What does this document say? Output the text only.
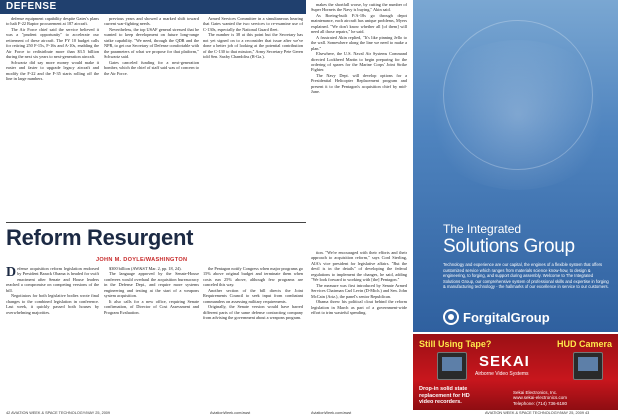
DEFENSE

defense equipment capability despite Gates's plans to halt F-22 Raptor procurement at 187 aircraft.

The Air Force chief said the service believed it was a "prudent opportunity" to accelerate our retirement of these aircraft. The FY 10 budget calls for retiring 250 F-15s, F-16s and A-10s, enabling the Air Force to redistribute more than $3.5 billion during the next six years to next-generation aircraft.

Schwartz did say more money would make it easier and faster to upgrade legacy aircraft and modify the F-22 and the F-35 starts rolling off the line in large numbers.

previous years and showed a marked shift toward current war-fighting needs.

Nevertheless, the top USAF general stressed that he wanted to keep development on future long-range strike capability. "We need, through the QDR and the NPR, to get our Secretary of Defense comfortable with the parameters of what we propose for that platform," Schwartz said.

Gates canceled funding for a next-generation bomber, which the chief of staff said was of concern to the Air Force.

Armed Services Committee in a simultaneous hearing that Gates wanted the two services to re-examine use of C-130s, especially the National Guard fleet.

The number is 38 at this point but the Secretary has not yet signed on to a reconsider that issue after we've done a better job of looking at the potential contribution of the C-130 to that mission," Army Secretary Pete Geren told Sen. Saxby Chambliss (R-Ga.).

makes the shortfall worse, by cutting the number of Super Hornets the Navy is buying," Akin said.

As Boeing-built F/A-18s go through depot maintenance, each aircraft has unique problems, Myers explained. "We don't know whether all [of them] will need all those repairs," he said.

A frustrated Akin replied, "It's like pinning Jello to the wall. Somewhere along the line we need to make a plan."

Elsewhere, the U.S. Naval Air Systems Command directed Lockheed Martin to begin preparing for the ordering of spares for the Marine Corps' Joint Strike Fighter.

The Navy Dept. will develop options for a Presidential Helicopter Replacement program and present it to the Pentagon's acquisition chief by mid-June.

Reform Resurgent
JOHN M. DOYLE/WASHINGTON

Defense acquisition reform legislation endorsed by President Barack Obama is headed for swift enactment after Senate and House leaders reached a compromise on competing versions of the bill.

Negotiators for both legislative bodies wrote final changes to the combined legislation in conference. Last week, it quickly passed both houses by overwhelming majorities.

$300 billion (AW&ST Mar. 2, pp. 18, 24).

The language approved by the Senate-House conferees would overhaul the acquisition bureaucracy in the Defense Dept., and require more systems engineering and testing at the start of a weapons system acquisition.

It also calls for a new office, requiring Senate confirmation, of Director of Cost Assessment and Program Evaluation.

the Pentagon notify Congress when major programs go 15% above original budget and terminate them when costs run 25% above, although few programs are canceled this way.

Another section of the bill directs the Joint Requirements Council to seek input from combatant commanders on assessing military requirements.

Originally, the Senate version would have barred different parts of the same defense contracting company from advising the government about a weapons program.

tion. "We're encouraged with their efforts and their approach to acquisition reform," says Cord Sterling, AIA's vice president for legislative affairs. "But the devil is in the details" of developing the federal regulations to implement the changes, he said, adding "We look forward to working with [the] Pentagon."

The measure was first introduced by Senate Armed Services Chairman Carl Levin (D-Mich.) and Sen. John McCain (Ariz.), the panel's senior Republican.

Obama threw his political clout behind the reform legislation in March as part of a government-wide effort to trim wasteful spending.

The Integrated
Solutions Group
Technology and experience are our capital, the engines of a flexible system that offers customized service which ranges from materials science know-how, to design & engineering, to forging, and support during assembly. Welcome to The Integrated Solutions Group, our comprehensive system of professional skills and expertise in forging & manufacturing technology - the hallmarks of our excellence in service to our customers.
ForgitalGroup
Still Using Tape?	HUD Camera
SEKAI
Airborne Video Systems
Drop-in solid state replacement for HD video recorders.
Sekai Electronics, Inc.
www.sekai-electronics.com
Telephone: (714) 736-6180
42 AVIATION WEEK & SPACE TECHNOLOGY/MAY 25, 2009	AviationWeek.com/awst	AviationWeek.com/awst	AVIATION WEEK & SPACE TECHNOLOGY/MAY 25, 2009 43
